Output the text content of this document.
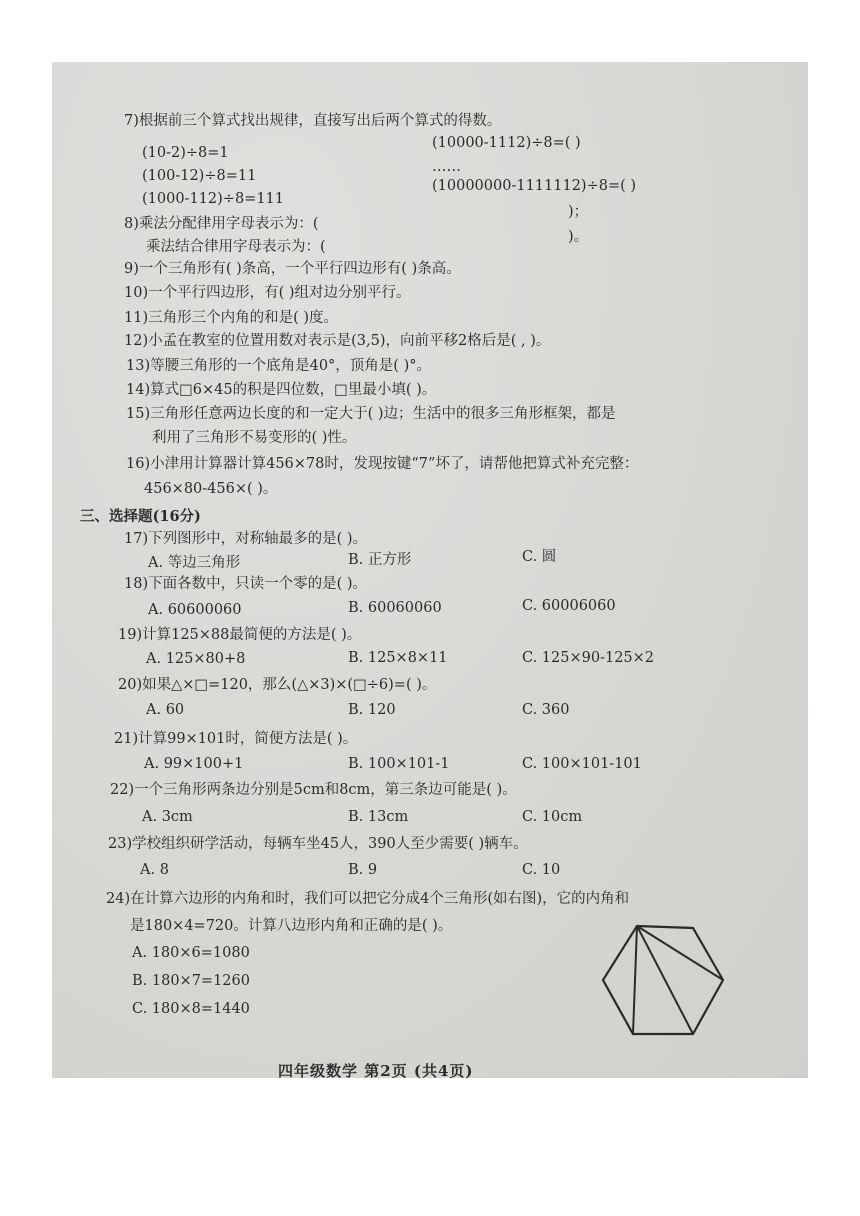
7)根据前三个算式找出规律，直接写出后两个算式的得数。
(10-2)÷8=1
(100-12)÷8=11
(1000-112)÷8=111
(10000-1112)÷8=( )
……
(10000000-1111112)÷8=( )
8)乘法分配律用字母表示为：(
)；
乘法结合律用字母表示为：(
)。
9)一个三角形有( )条高，一个平行四边形有( )条高。
10)一个平行四边形，有( )组对边分别平行。
11)三角形三个内角的和是( )度。
12)小孟在教室的位置用数对表示是(3,5)，向前平移2格后是( , )。
13)等腰三角形的一个底角是40°，顶角是( )°。
14)算式□6×45的积是四位数，□里最小填( )。
15)三角形任意两边长度的和一定大于( )边；生活中的很多三角形框架，都是
利用了三角形不易变形的( )性。
16)小津用计算器计算456×78时，发现按键“7”坏了，请帮他把算式补充完整：
456×80-456×( )。
三、选择题(16分)
17)下列图形中，对称轴最多的是( )。
A. 等边三角形	B. 正方形	C. 圆
18)下面各数中，只读一个零的是( )。
A. 60600060	B. 60060060	C. 60006060
19)计算125×88最简便的方法是( )。
A. 125×80+8	B. 125×8×11	C. 125×90-125×2
20)如果△×□=120，那么(△×3)×(□÷6)=( )。
A. 60	B. 120	C. 360
21)计算99×101时，简便方法是( )。
A. 99×100+1	B. 100×101-1	C. 100×101-101
22)一个三角形两条边分别是5cm和8cm，第三条边可能是( )。
A. 3cm	B. 13cm	C. 10cm
23)学校组织研学活动，每辆车坐45人，390人至少需要( )辆车。
A. 8	B. 9	C. 10
24)在计算六边形的内角和时，我们可以把它分成4个三角形(如右图)，它的内角和
是180×4=720。计算八边形内角和正确的是( )。
A. 180×6=1080
B. 180×7=1260
C. 180×8=1440
四年级数学 第2页 (共4页)
